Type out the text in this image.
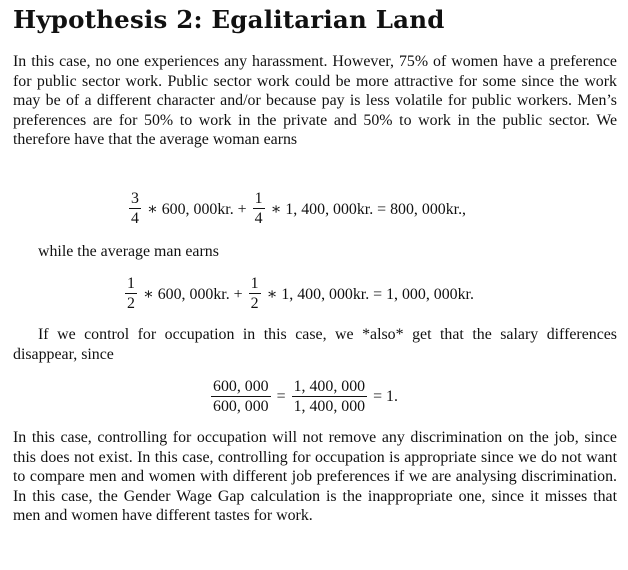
Hypothesis 2: Egalitarian Land
In this case, no one experiences any harassment. However, 75% of women have a preference for public sector work. Public sector work could be more attractive for some since the work may be of a different character and/or because pay is less volatile for public workers. Men’s preferences are for 50% to work in the private and 50% to work in the public sector. We therefore have that the average woman earns
$\frac{3}{4}$ ∗ 600, 000kr. + $\frac{1}{4}$ ∗ 1, 400, 000kr. = 800, 000kr.,
while the average man earns
$\frac{1}{2}$ ∗ 600, 000kr. + $\frac{1}{2}$ ∗ 1, 400, 000kr. = 1, 000, 000kr.
If we control for occupation in this case, we *also* get that the salary differences disappear, since
$\frac{600, 000}{600, 000} = \frac{1, 400, 000}{1, 400, 000} = 1$.
In this case, controlling for occupation will not remove any discrimination on the job, since this does not exist. In this case, controlling for occupation is appropriate since we do not want to compare men and women with different job preferences if we are analysing discrimination. In this case, the Gender Wage Gap calculation is the inappropriate one, since it misses that men and women have different tastes for work.
